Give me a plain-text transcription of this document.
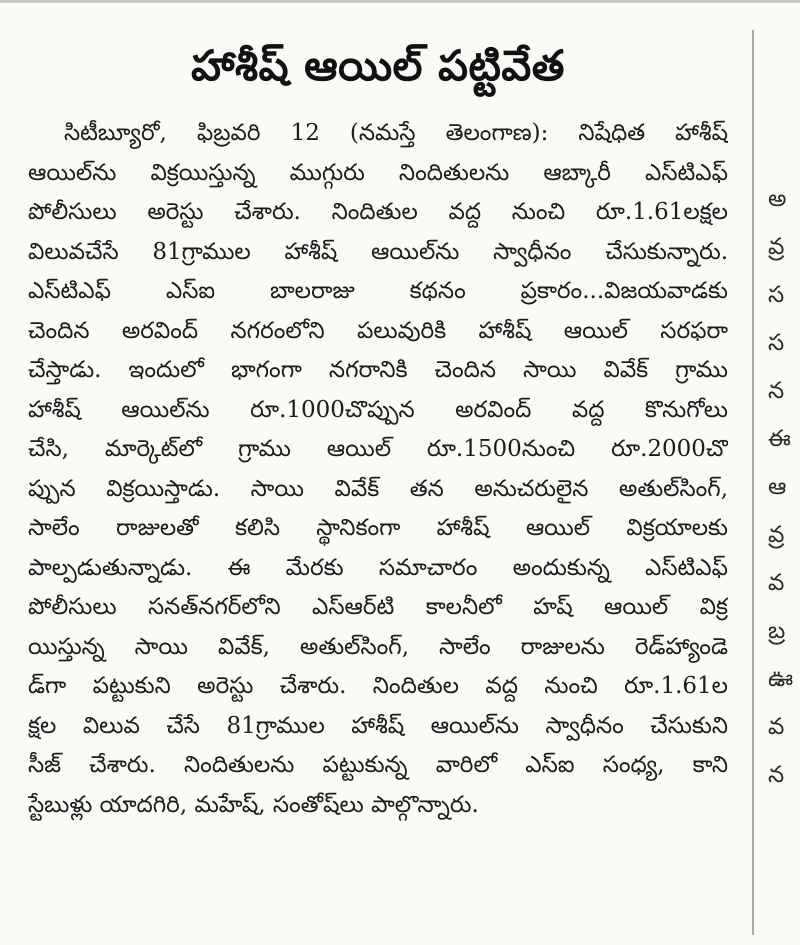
హాశీష్ ఆయిల్ పట్టివేత
సిటీబ్యూరో, ఫిబ్రవరి 12 (నమస్తే తెలంగాణ): నిషేధిత హాశీష్
ఆయిల్‌ను విక్రయిస్తున్న ముగ్గురు నిందితులను ఆబ్కారీ ఎస్‌టిఎఫ్
పోలీసులు అరెస్టు చేశారు. నిందితుల వద్ద నుంచి రూ.1.61లక్షల
విలువచేసే 81గ్రాముల హాశీష్ ఆయిల్‌ను స్వాధీనం చేసుకున్నారు.
ఎస్‌టిఎఫ్ ఎస్ఐ బాలరాజు కథనం ప్రకారం...విజయవాడకు
చెందిన అరవింద్ నగరంలోని పలువురికి హాశీష్ ఆయిల్ సరఫరా
చేస్తాడు. ఇందులో భాగంగా నగరానికి చెందిన సాయి వివేక్ గ్రాము
హాశీష్ ఆయిల్‌ను రూ.1000చొప్పున అరవింద్ వద్ద కొనుగోలు
చేసి, మార్కెట్‌లో గ్రాము ఆయిల్ రూ.1500నుంచి రూ.2000చొ
ప్పున విక్రయిస్తాడు. సాయి వివేక్ తన అనుచరులైన అతుల్‌సింగ్,
సాలేం రాజులతో కలిసి స్థానికంగా హాశీష్ ఆయిల్ విక్రయాలకు
పాల్పడుతున్నాడు. ఈ మేరకు సమాచారం అందుకున్న ఎస్‌టిఎఫ్
పోలీసులు సనత్‌నగర్‌లోని ఎస్‌ఆర్‌టి కాలనీలో హష్ ఆయిల్ విక్ర
యిస్తున్న సాయి వివేక్, అతుల్‌సింగ్, సాలేం రాజులను రెడ్‌హ్యాండె
డ్‌గా పట్టుకుని అరెస్టు చేశారు. నిందితుల వద్ద నుంచి రూ.1.61ల
క్షల విలువ చేసే 81గ్రాముల హాశీష్ ఆయిల్‌ను స్వాధీనం చేసుకుని
సీజ్ చేశారు. నిందితులను పట్టుకున్న వారిలో ఎస్ఐ సంధ్య, కాని
స్టేబుళ్లు యాదగిరి, మహేష్, సంతోష్‌లు పాల్గొన్నారు.
అ
వ్ర
స
స
న
ఈ
ఆ
వ్ర
వ
బ్ర
ఊ
వ
న
